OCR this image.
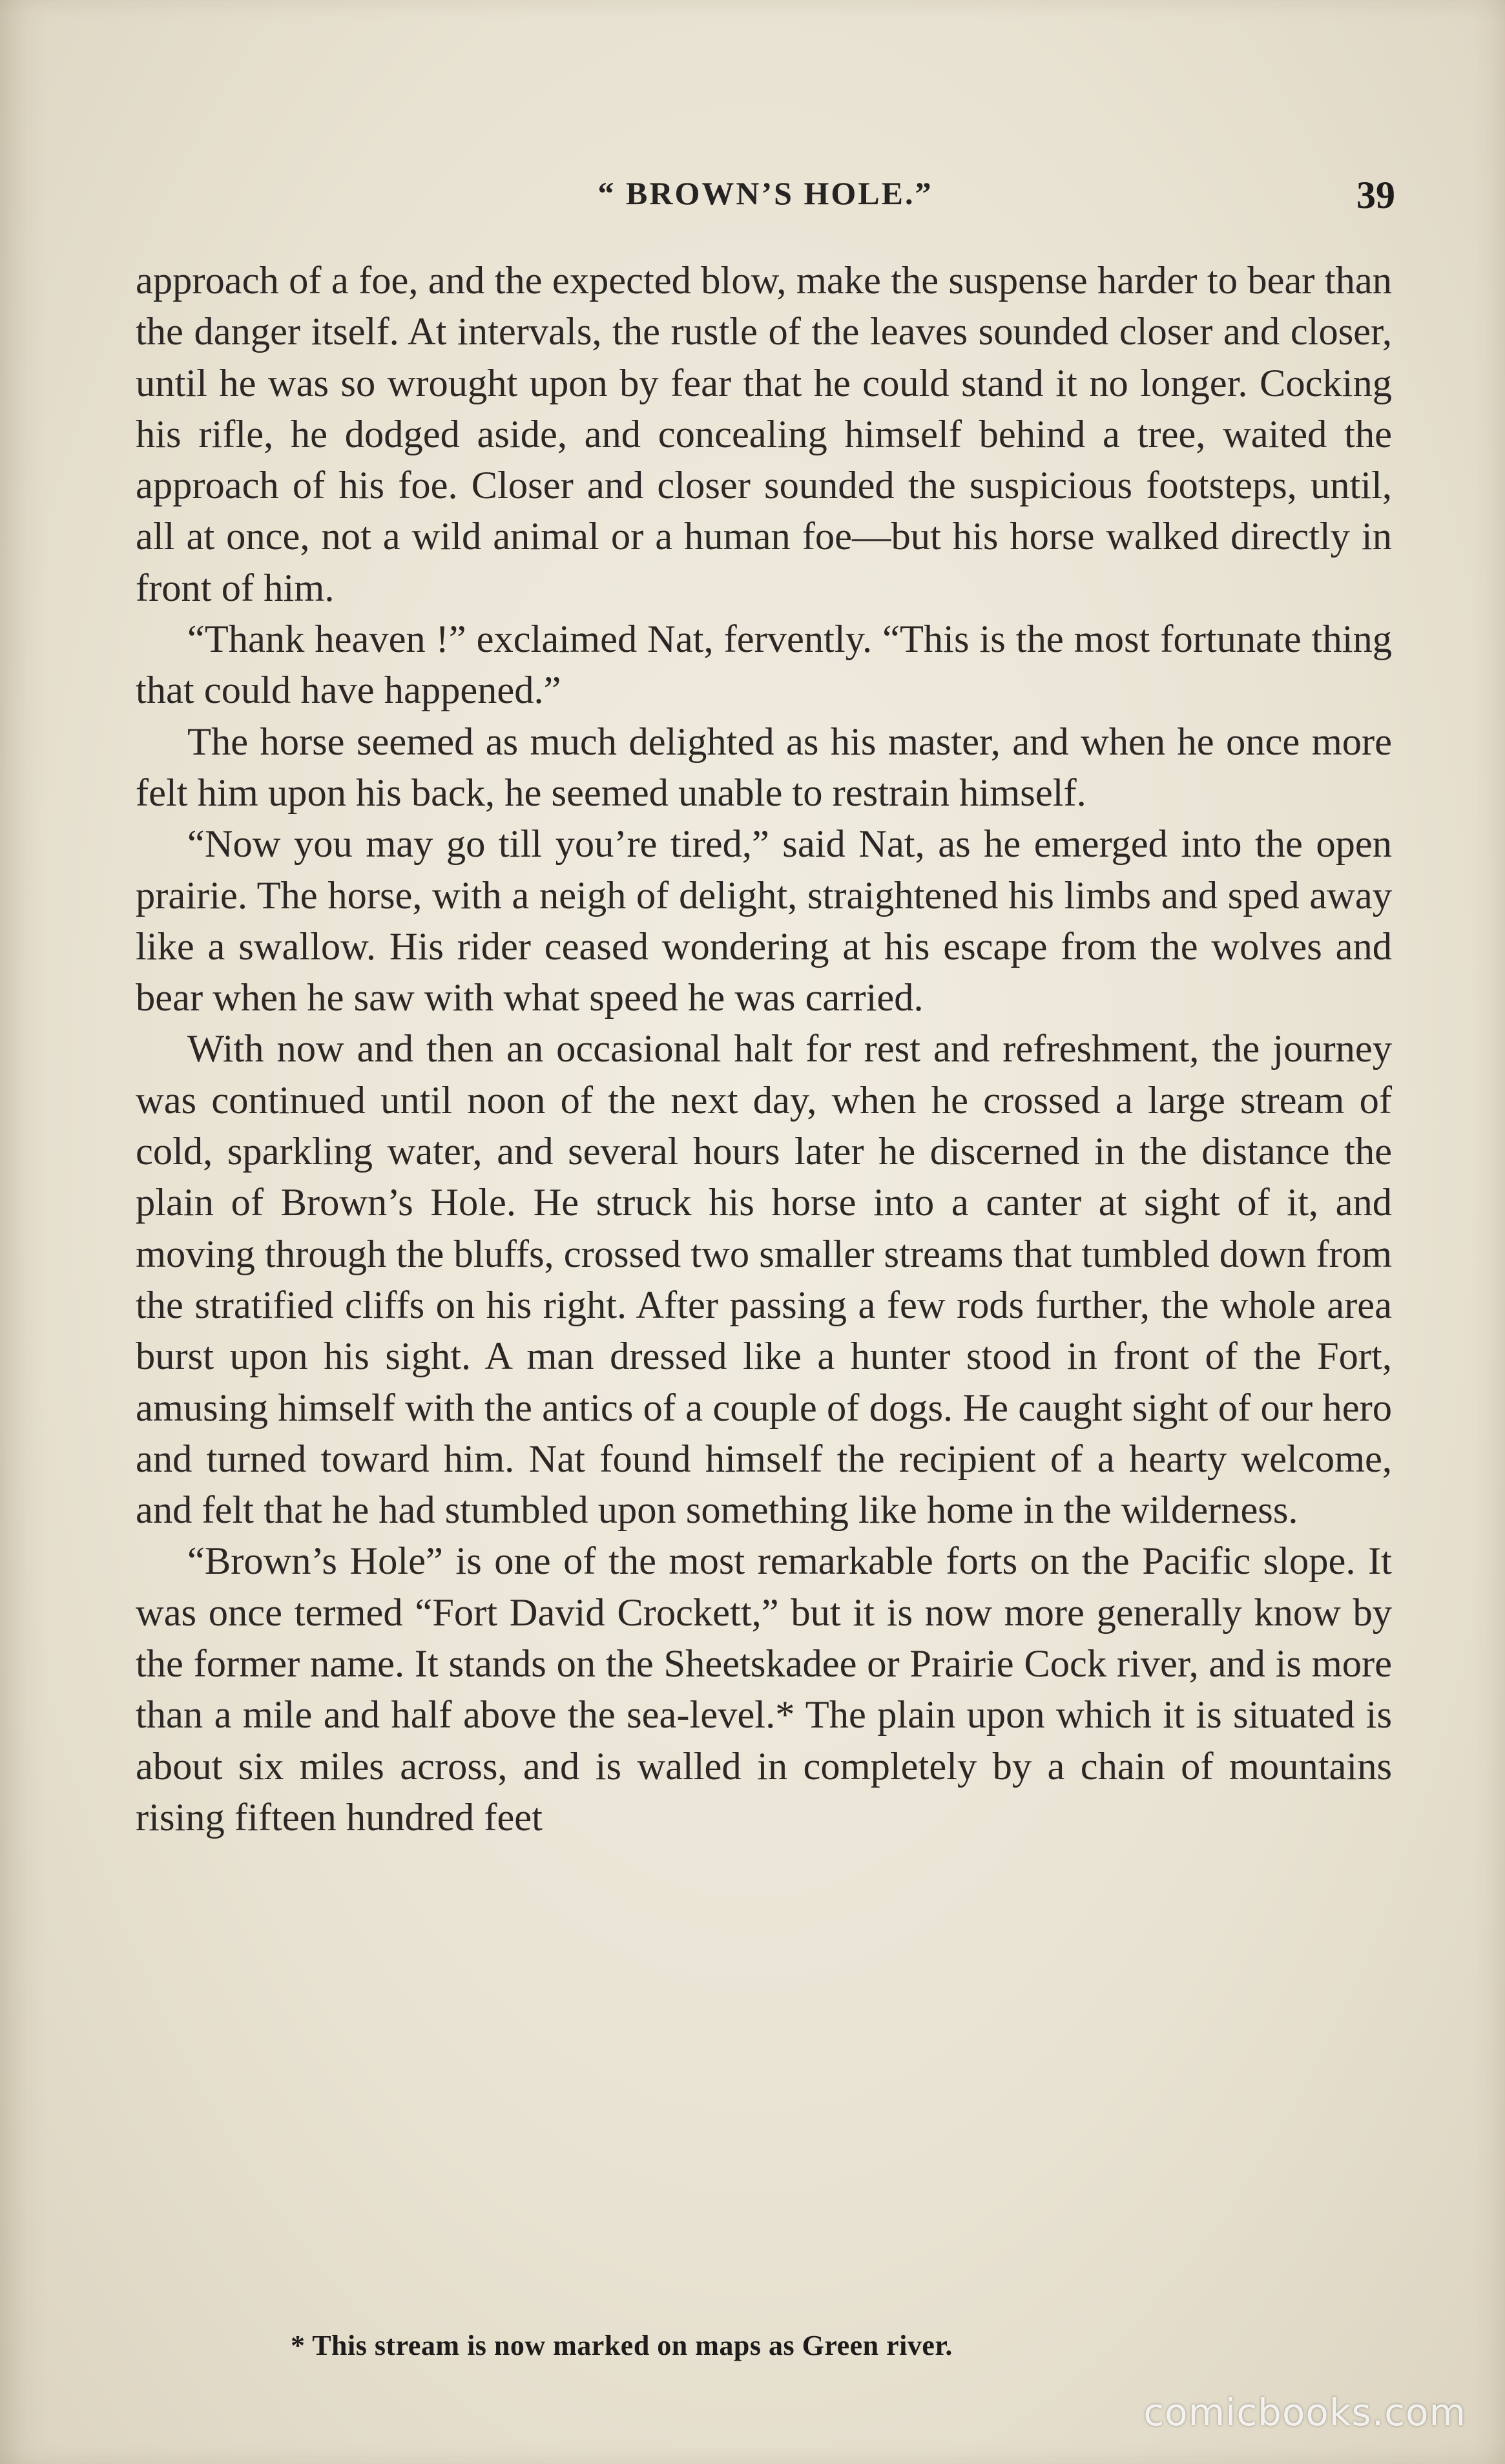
“ BROWN’S HOLE.”	39

approach of a foe, and the expected blow, make the suspense harder to bear than the danger itself. At intervals, the rustle of the leaves sounded closer and closer, until he was so wrought upon by fear that he could stand it no longer. Cocking his rifle, he dodged aside, and concealing himself behind a tree, waited the approach of his foe. Closer and closer sounded the suspicious footsteps, until, all at once, not a wild animal or a human foe—but his horse walked directly in front of him.

“Thank heaven !” exclaimed Nat, fervently. “This is the most fortunate thing that could have happened.”

The horse seemed as much delighted as his master, and when he once more felt him upon his back, he seemed unable to restrain himself.

“Now you may go till you’re tired,” said Nat, as he emerged into the open prairie. The horse, with a neigh of delight, straightened his limbs and sped away like a swallow. His rider ceased wondering at his escape from the wolves and bear when he saw with what speed he was carried.

With now and then an occasional halt for rest and refreshment, the journey was continued until noon of the next day, when he crossed a large stream of cold, sparkling water, and several hours later he discerned in the distance the plain of Brown’s Hole. He struck his horse into a canter at sight of it, and moving through the bluffs, crossed two smaller streams that tumbled down from the stratified cliffs on his right. After passing a few rods further, the whole area burst upon his sight. A man dressed like a hunter stood in front of the Fort, amusing himself with the antics of a couple of dogs. He caught sight of our hero and turned toward him. Nat found himself the recipient of a hearty welcome, and felt that he had stumbled upon something like home in the wilderness.

“Brown’s Hole” is one of the most remarkable forts on the Pacific slope. It was once termed “Fort David Crockett,” but it is now more generally know by the former name. It stands on the Sheetskadee or Prairie Cock river, and is more than a mile and half above the sea-level.* The plain upon which it is situated is about six miles across, and is walled in completely by a chain of mountains rising fifteen hundred feet

* This stream is now marked on maps as Green river.
comicbooks.com
